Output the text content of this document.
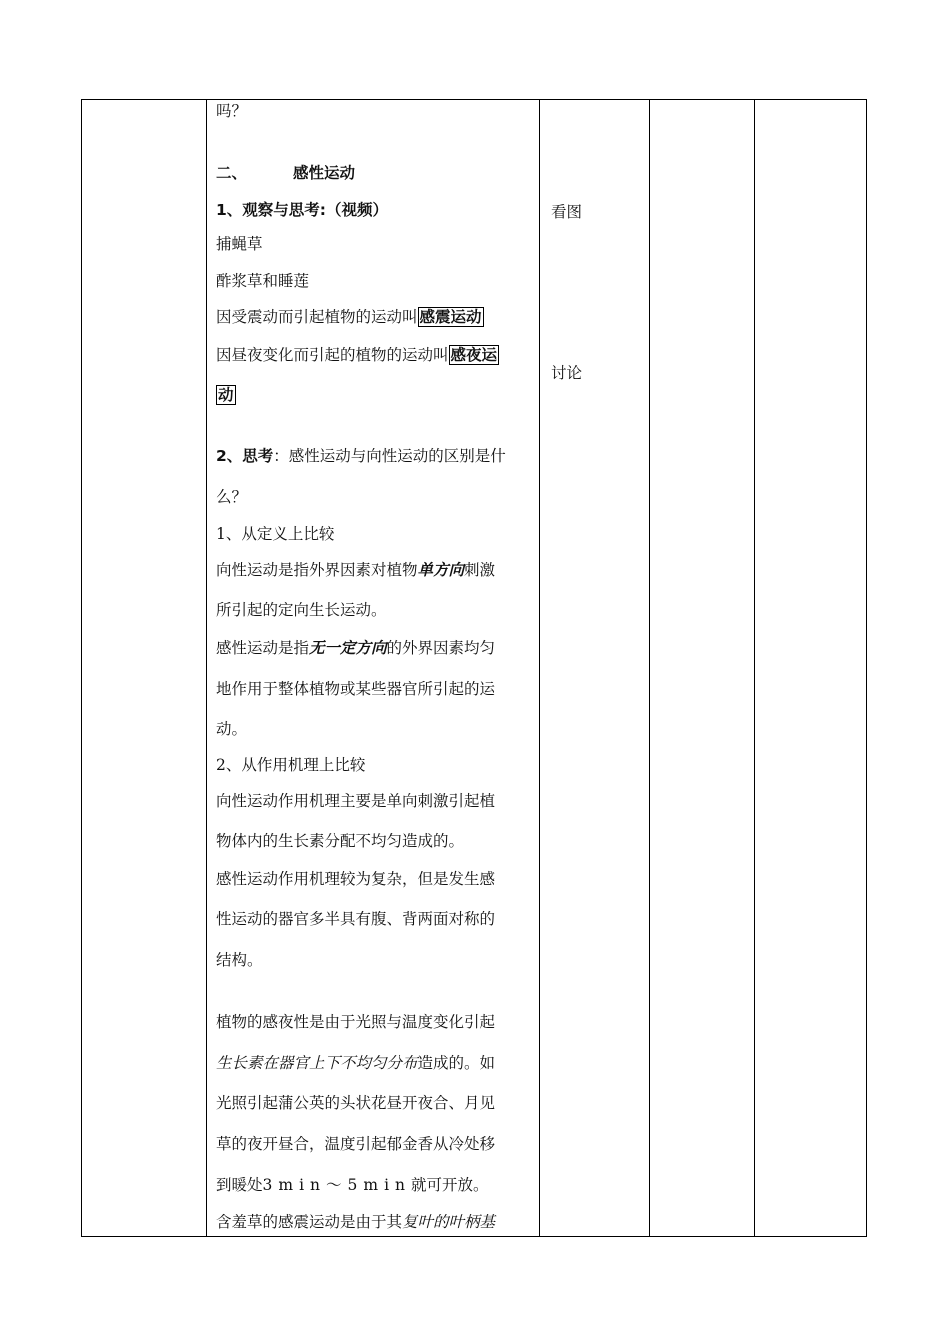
吗？
二、	感性运动
1、观察与思考:（视频）
捕蝇草
酢浆草和睡莲
因受震动而引起植物的运动叫 感震运动
因昼夜变化而引起的植物的运动叫 感夜运
动
2、思考：感性运动与向性运动的区别是什
么？
1、从定义上比较
向性运动是指外界因素对植物单方向刺激
所引起的定向生长运动。
感性运动是指无一定方向的外界因素均匀
地作用于整体植物或某些器官所引起的运
动。
2、从作用机理上比较
向性运动作用机理主要是单向刺激引起植
物体内的生长素分配不均匀造成的。
感性运动作用机理较为复杂，但是发生感
性运动的器官多半具有腹、背两面对称的
结构。
植物的感夜性是由于光照与温度变化引起
生长素在器官上下不均匀分布造成的。如
光照引起蒲公英的头状花昼开夜合、月见
草的夜开昼合，温度引起郁金香从冷处移
到暖处3min～5min就可开放。
含羞草的感震运动是由于其复叶的叶柄基
看图
讨论
